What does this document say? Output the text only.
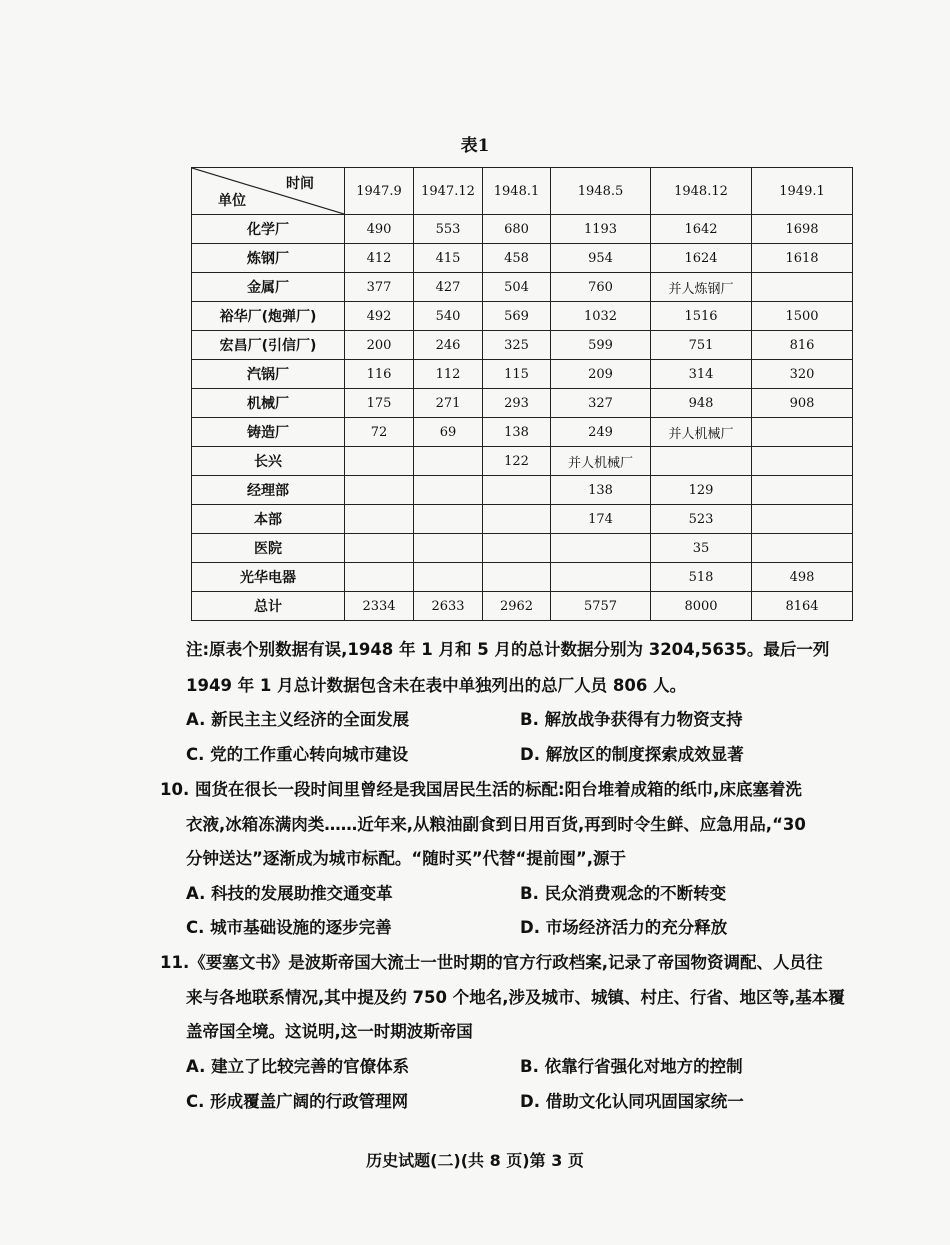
表1
时间
单位	1947.9	1947.12	1948.1	1948.5	1948.12	1949.1
化学厂	490	553	680	1193	1642	1698
炼钢厂	412	415	458	954	1624	1618
金属厂	377	427	504	760	并人炼钢厂	
裕华厂(炮弹厂)	492	540	569	1032	1516	1500
宏昌厂(引信厂)	200	246	325	599	751	816
汽锅厂	116	112	115	209	314	320
机械厂	175	271	293	327	948	908
铸造厂	72	69	138	249	并人机械厂	
长兴			122	并人机械厂		
经理部				138	129	
本部				174	523	
医院					35	
光华电器					518	498
总计	2334	2633	2962	5757	8000	8164
注:原表个别数据有误,1948 年 1 月和 5 月的总计数据分别为 3204,5635。最后一列
1949 年 1 月总计数据包含未在表中单独列出的总厂人员 806 人。
A. 新民主主义经济的全面发展	B. 解放战争获得有力物资支持
C. 党的工作重心转向城市建设	D. 解放区的制度探索成效显著
10. 囤货在很长一段时间里曾经是我国居民生活的标配:阳台堆着成箱的纸巾,床底塞着洗
衣液,冰箱冻满肉类……近年来,从粮油副食到日用百货,再到时令生鲜、应急用品,“30
分钟送达”逐渐成为城市标配。“随时买”代替“提前囤”,源于
A. 科技的发展助推交通变革	B. 民众消费观念的不断转变
C. 城市基础设施的逐步完善	D. 市场经济活力的充分释放
11.《要塞文书》是波斯帝国大流士一世时期的官方行政档案,记录了帝国物资调配、人员往
来与各地联系情况,其中提及约 750 个地名,涉及城市、城镇、村庄、行省、地区等,基本覆
盖帝国全境。这说明,这一时期波斯帝国
A. 建立了比较完善的官僚体系	B. 依靠行省强化对地方的控制
C. 形成覆盖广阔的行政管理网	D. 借助文化认同巩固国家统一
历史试题(二)(共 8 页)第 3 页
